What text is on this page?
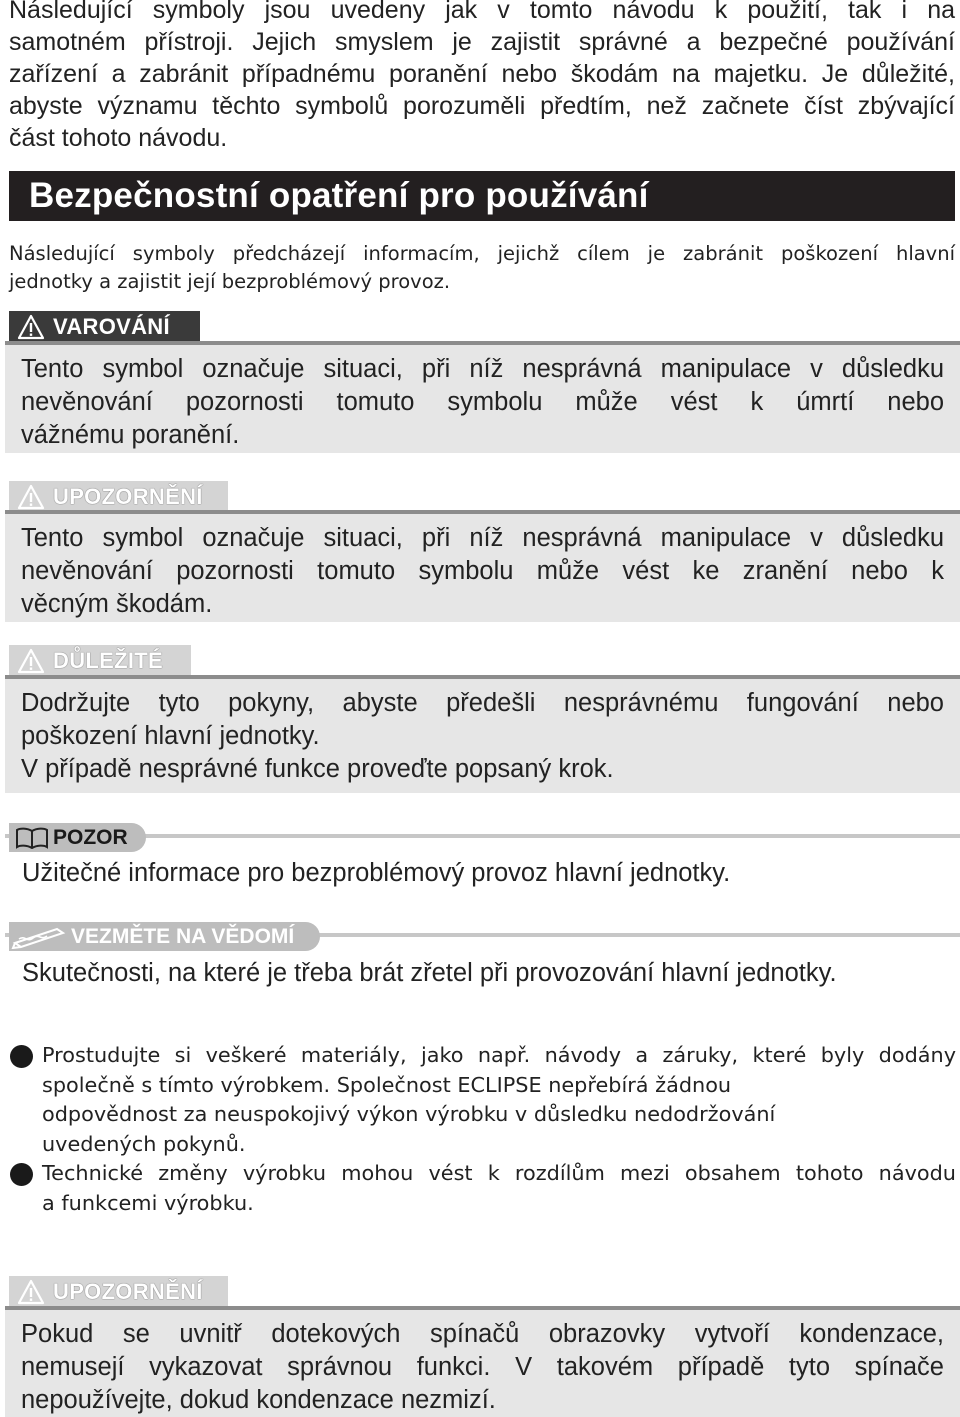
Následující symboly jsou uvedeny jak v tomto návodu k použití, tak i na
samotném přístroji. Jejich smyslem je zajistit správné a bezpečné používání
zařízení a zabránit případnému poranění nebo škodám na majetku. Je důležité,
abyste významu těchto symbolů porozuměli předtím, než začnete číst zbývající
část tohoto návodu.
Bezpečnostní opatření pro používání
Následující symboly předcházejí informacím, jejichž cílem je zabránit poškození hlavní
jednotky a zajistit její bezproblémový provoz.
VAROVÁNÍ
Tento symbol označuje situaci, při níž nesprávná manipulace v důsledku
nevěnování pozornosti tomuto symbolu může vést k úmrtí nebo
vážnému poranění.
UPOZORNĚNÍ
Tento symbol označuje situaci, při níž nesprávná manipulace v důsledku
nevěnování pozornosti tomuto symbolu může vést ke zranění nebo k
věcným škodám.
DŮLEŽITÉ
Dodržujte tyto pokyny, abyste předešli nesprávnému fungování nebo
poškození hlavní jednotky.
V případě nesprávné funkce proveďte popsaný krok.
POZOR
Užitečné informace pro bezproblémový provoz hlavní jednotky.
VEZMĚTE NA VĚDOMÍ
Skutečnosti, na které je třeba brát zřetel při provozování hlavní jednotky.
Prostudujte si veškeré materiály, jako např. návody a záruky, které byly dodány
společně s tímto výrobkem. Společnost ECLIPSE nepřebírá žádnou
odpovědnost za neuspokojivý výkon výrobku v důsledku nedodržování
uvedených pokynů.
Technické změny výrobku mohou vést k rozdílům mezi obsahem tohoto návodu
a funkcemi výrobku.
UPOZORNĚNÍ
Pokud se uvnitř dotekových spínačů obrazovky vytvoří kondenzace,
nemusejí vykazovat správnou funkci. V takovém případě tyto spínače
nepoužívejte, dokud kondenzace nezmizí.
